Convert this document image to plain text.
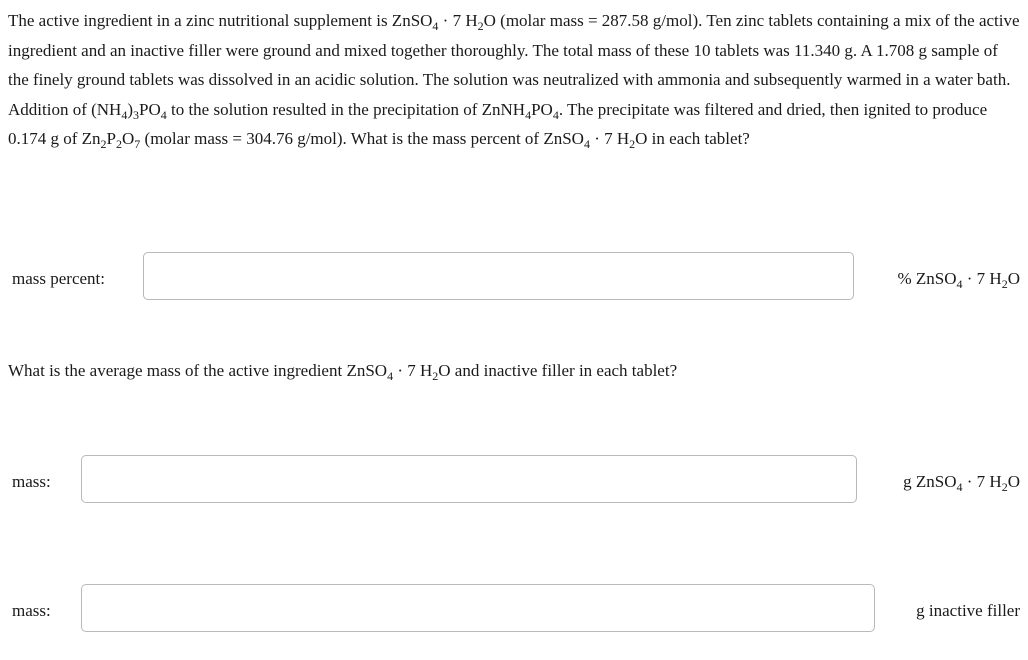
The active ingredient in a zinc nutritional supplement is ZnSO$_4$ · 7 $H_2O$ (molar mass = 287.58 g/mol). Ten zinc tablets containing a mix of the active ingredient and an inactive filler were ground and mixed together thoroughly. The total mass of these 10 tablets was 11.340 g. A 1.708 g sample of the finely ground tablets was dissolved in an acidic solution. The solution was neutralized with ammonia and subsequently warmed in a water bath. Addition of $(NH_4)_3PO_4$ to the solution resulted in the precipitation of $ZnNH_4PO_4$. The precipitate was filtered and dried, then ignited to produce 0.174 g of $Zn_2P_2O_7$ (molar mass = 304.76 g/mol). What is the mass percent of ZnSO$_4$ · 7 $H_2O$ in each tablet?

mass percent:	% ZnSO$_4$ · 7 $H_2O$

What is the average mass of the active ingredient ZnSO$_4$ · 7 $H_2O$ and inactive filler in each tablet?

mass:	g ZnSO$_4$ · 7 $H_2O$
mass:	g inactive filler
